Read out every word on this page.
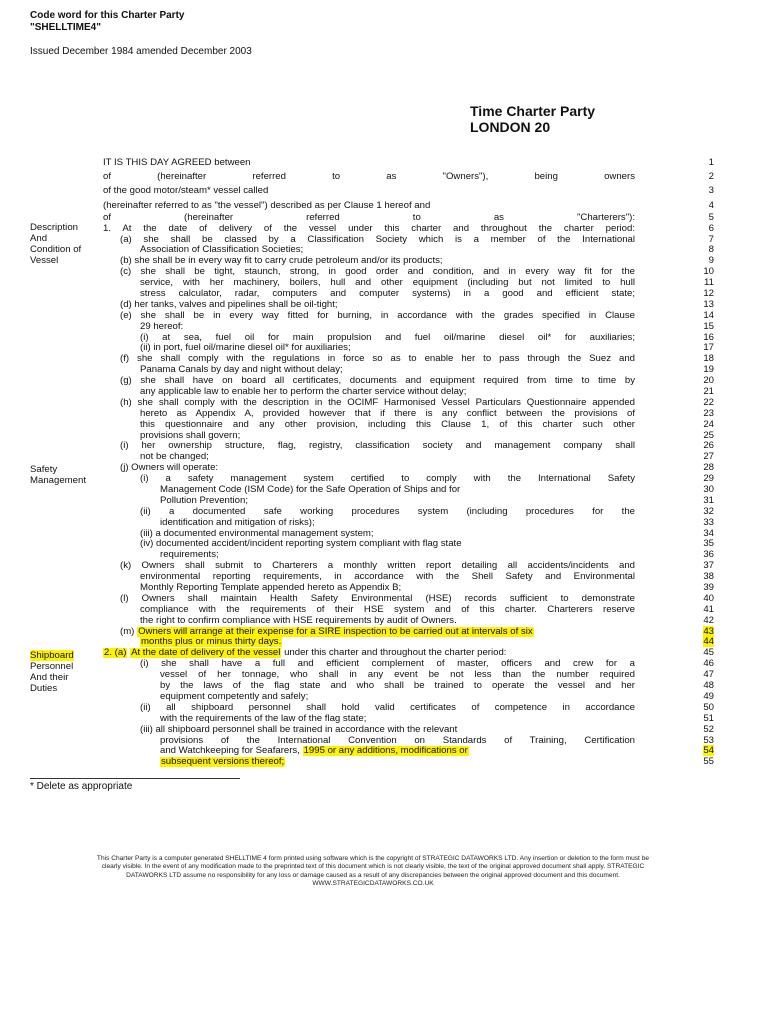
Code word for this Charter Party
"SHELLTIME4"
Issued December 1984 amended December 2003
Time Charter Party
LONDON 20
Description
And
Condition of
Vessel
Safety
Management
Shipboard
Personnel
And their
Duties
IT IS THIS DAY AGREED between
of (hereinafter referred to as "Owners"), being owners
of the good motor/steam* vessel called
(hereinafter referred to as "the vessel") described as per Clause 1 hereof and
of (hereinafter referred to as "Charterers"):
1. At the date of delivery of the vessel under this charter and throughout the charter period:
(a) she shall be classed by a Classification Society which is a member of the International
Association of Classification Societies;
(b) she shall be in every way fit to carry crude petroleum and/or its products;
(c) she shall be tight, staunch, strong, in good order and condition, and in every way fit for the
service, with her machinery, boilers, hull and other equipment (including but not limited to hull
stress calculator, radar, computers and computer systems) in a good and efficient state;
(d) her tanks, valves and pipelines shall be oil-tight;
(e) she shall be in every way fitted for burning, in accordance with the grades specified in Clause
29 hereof:
(i) at sea, fuel oil for main propulsion and fuel oil/marine diesel oil* for auxiliaries;
(ii) in port, fuel oil/marine diesel oil* for auxiliaries;
(f) she shall comply with the regulations in force so as to enable her to pass through the Suez and
Panama Canals by day and night without delay;
(g) she shall have on board all certificates, documents and equipment required from time to time by
any applicable law to enable her to perform the charter service without delay;
(h) she shall comply with the description in the OCIMF Harmonised Vessel Particulars Questionnaire appended
hereto as Appendix A, provided however that if there is any conflict between the provisions of
this questionnaire and any other provision, including this Clause 1, of this charter such other
provisions shall govern;
(i) her ownership structure, flag, registry, classification society and management company shall
not be changed;
(j) Owners will operate:
(i) a safety management system certified to comply with the International Safety
Management Code (ISM Code) for the Safe Operation of Ships and for
Pollution Prevention;
(ii) a documented safe working procedures system (including procedures for the
identification and mitigation of risks);
(iii) a documented environmental management system;
(iv) documented accident/incident reporting system compliant with flag state
requirements;
(k) Owners shall submit to Charterers a monthly written report detailing all accidents/incidents and
environmental reporting requirements, in accordance with the Shell Safety and Environmental
Monthly Reporting Template appended hereto as Appendix B;
(l) Owners shall maintain Health Safety Environmental (HSE) records sufficient to demonstrate
compliance with the requirements of their HSE system and of this charter. Charterers reserve
the right to confirm compliance with HSE requirements by audit of Owners.
(m) Owners will arrange at their expense for a SIRE inspection to be carried out at intervals of six
months plus or minus thirty days.
2. (a) At the date of delivery of the vessel under this charter and throughout the charter period:
(i) she shall have a full and efficient complement of master, officers and crew for a
vessel of her tonnage, who shall in any event be not less than the number required
by the laws of the flag state and who shall be trained to operate the vessel and her
equipment competently and safely;
(ii) all shipboard personnel shall hold valid certificates of competence in accordance
with the requirements of the law of the flag state;
(iii) all shipboard personnel shall be trained in accordance with the relevant
provisions of the International Convention on Standards of Training, Certification
and Watchkeeping for Seafarers, 1995 or any additions, modifications or
subsequent versions thereof;
1
2
3
4
5
6
7
8
9
10
11
12
13
14
15
16
17
18
19
20
21
22
23
24
25
26
27
28
29
30
31
32
33
34
35
36
37
38
39
40
41
42
43
44
45
46
47
48
49
50
51
52
53
54
55
* Delete as appropriate
This Charter Party is a computer generated SHELLTIME 4 form printed using software which is the copyright of STRATEGIC DATAWORKS LTD. Any insertion or deletion to the form must be
clearly visible. In the event of any modification made to the preprinted text of this document which is not clearly visible, the text of the original approved document shall apply. STRATEGIC
DATAWORKS LTD assume no responsibility for any loss or damage caused as a result of any discrepancies between the original approved document and this document.
WWW.STRATEGICDATAWORKS.CO.UK
